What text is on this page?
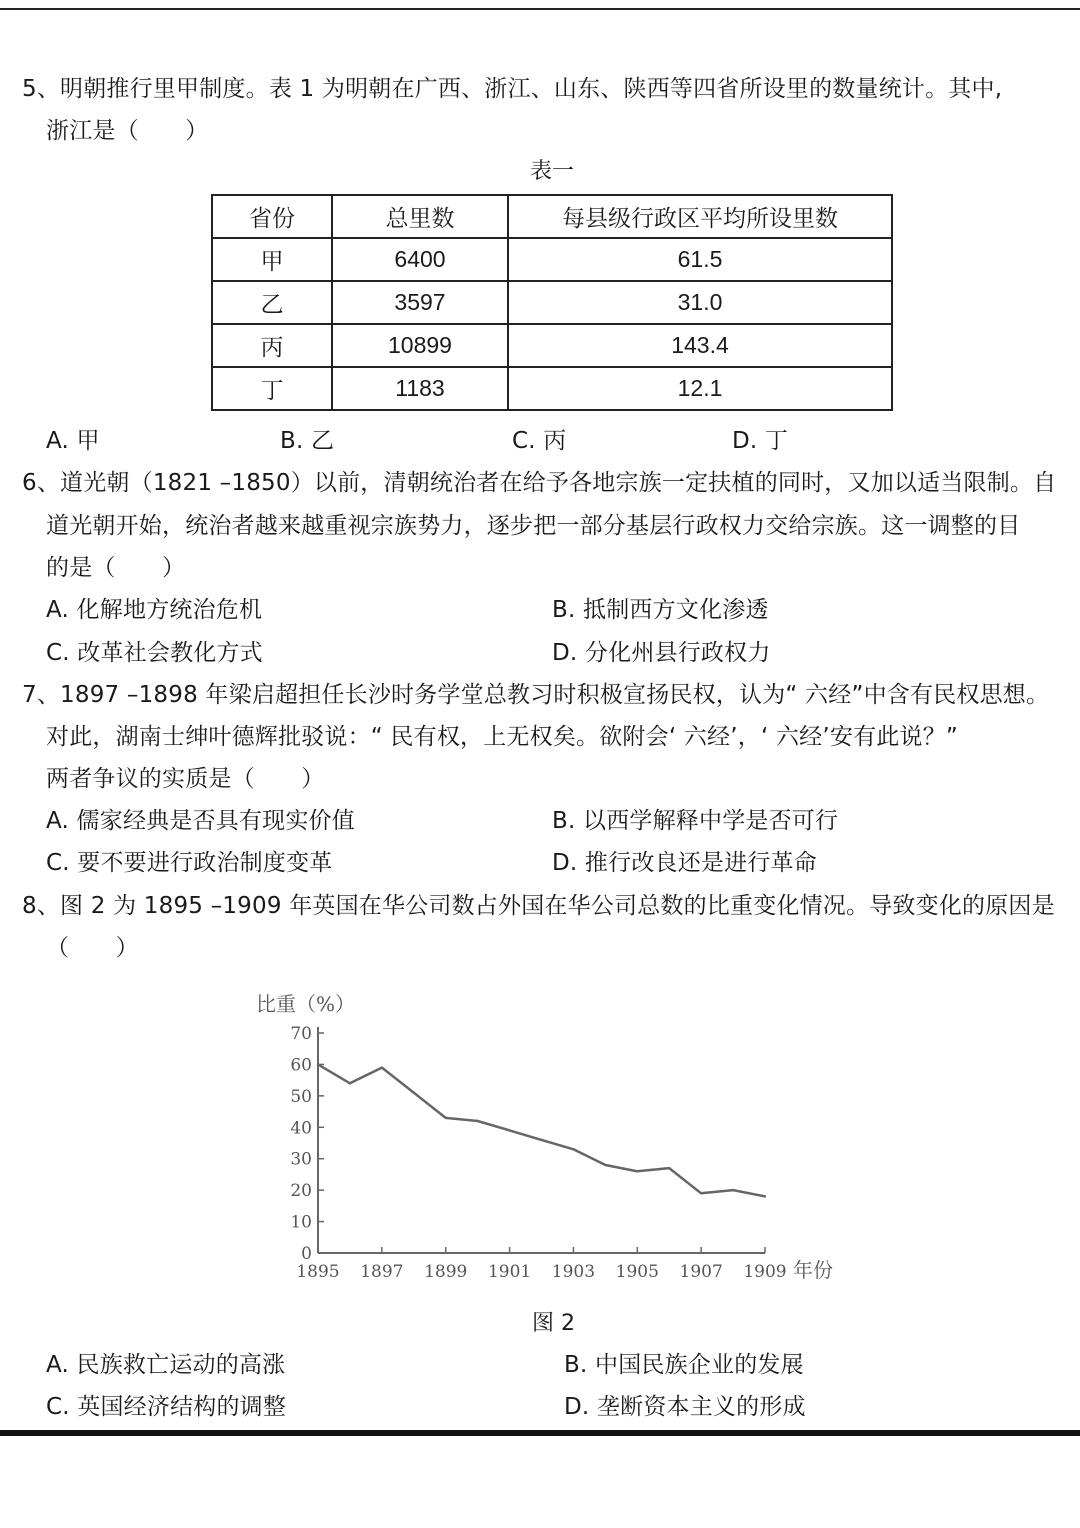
5、明朝推行里甲制度。表 1 为明朝在广西、浙江、山东、陕西等四省所设里的数量统计。其中,
浙江是（　　）
表一
省份	总里数	每县级行政区平均所设里数
甲	6400	61.5
乙	3597	31.0
丙	10899	143.4
丁	1183	12.1
A. 甲	B. 乙	C. 丙	D. 丁
6、道光朝（1821 –1850）以前，清朝统治者在给予各地宗族一定扶植的同时，又加以适当限制。自
道光朝开始，统治者越来越重视宗族势力，逐步把一部分基层行政权力交给宗族。这一调整的目
的是（　　）
A. 化解地方统治危机	B. 抵制西方文化渗透
C. 改革社会教化方式	D. 分化州县行政权力
7、1897 –1898 年梁启超担任长沙时务学堂总教习时积极宣扬民权，认为“ 六经”中含有民权思想。
对此，湖南士绅叶德辉批驳说：“ 民有权，上无权矣。欲附会‘ 六经’，‘ 六经’安有此说？”
两者争议的实质是（　　）
A. 儒家经典是否具有现实价值	B. 以西学解释中学是否可行
C. 要不要进行政治制度变革	D. 推行改良还是进行革命
8、图 2 为 1895 –1909 年英国在华公司数占外国在华公司总数的比重变化情况。导致变化的原因是
（　　）
比重（%）
0
10
20
30
40
50
60
70
1895 1897 1899 1901 1903 1905 1907 1909 年份
图 2
A. 民族救亡运动的高涨	B. 中国民族企业的发展
C. 英国经济结构的调整	D. 垄断资本主义的形成
